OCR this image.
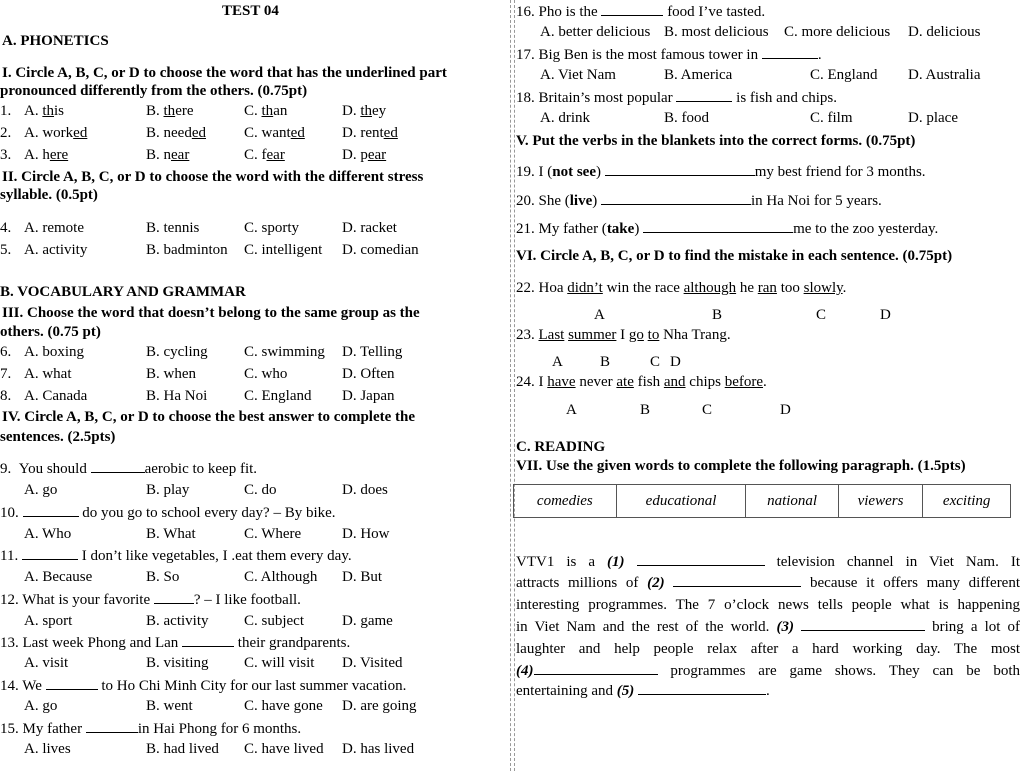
TEST 04
A. PHONETICS
I. Circle A, B, C, or D to choose the word that has the underlined part
pronounced differently from the others. (0.75pt)
1. A. this	B. there	C. than	D. they
2. A. worked	B. needed	C. wanted D. rented
3. A. here	B. near	C. fear	D. pear
II. Circle A, B, C, or D to choose the word with the different stress
syllable. (0.5pt)
4. A. remote	B. tennis	C. sporty	D. racket
5. A. activity	B. badminton C. intelligent D. comedian
B. VOCABULARY AND GRAMMAR
III. Choose the word that doesn’t belong to the same group as the
others. (0.75 pt)
6. A. boxing	B. cycling C. swimming D. Telling
7. A. what	B. when	C. who	D. Often
8. A. Canada	B. Ha Noi C. England D. Japan
IV. Circle A, B, C, or D to choose the best answer to complete the
sentences. (2.5pts)
9. You should	aerobic to keep fit.
A. go	B. play	C. do	D. does
10.	do you go to school every day? – By bike.
A. Who	B. What	C. Where	D. How
11.	I don’t like vegetables, I .eat them every day.
A. Because	B. So	C. Although D. But
12. What is your favorite	? – I like football.
A. sport	B. activity C. subject	D. game
13. Last week Phong and Lan	their grandparents.
A. visit	B. visiting C. will visit D. Visited
14. We	to Ho Chi Minh City for our last summer vacation.
A. go	B. went	C. have gone D. are going
15. My father	in Hai Phong for 6 months.
A. lives	B. had lived C. have lived D. has lived
16. Pho is the	food I’ve tasted.
A. better delicious B. most delicious C. more delicious D. delicious
17. Big Ben is the most famous tower in	.
A. Viet Nam	B. America	C. England D. Australia
18. Britain’s most popular	is fish and chips.
A. drink	B. food	C. film	D. place
V. Put the verbs in the blankets into the correct forms. (0.75pt)
19. I (not see)	my best friend for 3 months.
20. She (live)	in Ha Noi for 5 years.
21. My father (take)	me to the zoo yesterday.
VI. Circle A, B, C, or D to find the mistake in each sentence. (0.75pt)
22. Hoa didn’t win the race although he ran too slowly.
A	B	C	D
23. Last summer I go to Nha Trang.
A B	C D
24. I have never ate fish and chips before.
A	B	C	D
C. READING
VII. Use the given words to complete the following paragraph. (1.5pts)
VTV1 is a (1)	television channel in Viet Nam. It
attracts millions of (2)	because it offers many different
interesting programmes. The 7 o’clock news tells people what is happening
in Viet Nam and the rest of the world. (3)	bring a lot of
laughter and help people relax after a hard working day. The most
(4)	programmes are game shows. They can be both
entertaining and (5)	.
comedies	educational	national	viewers	exciting
